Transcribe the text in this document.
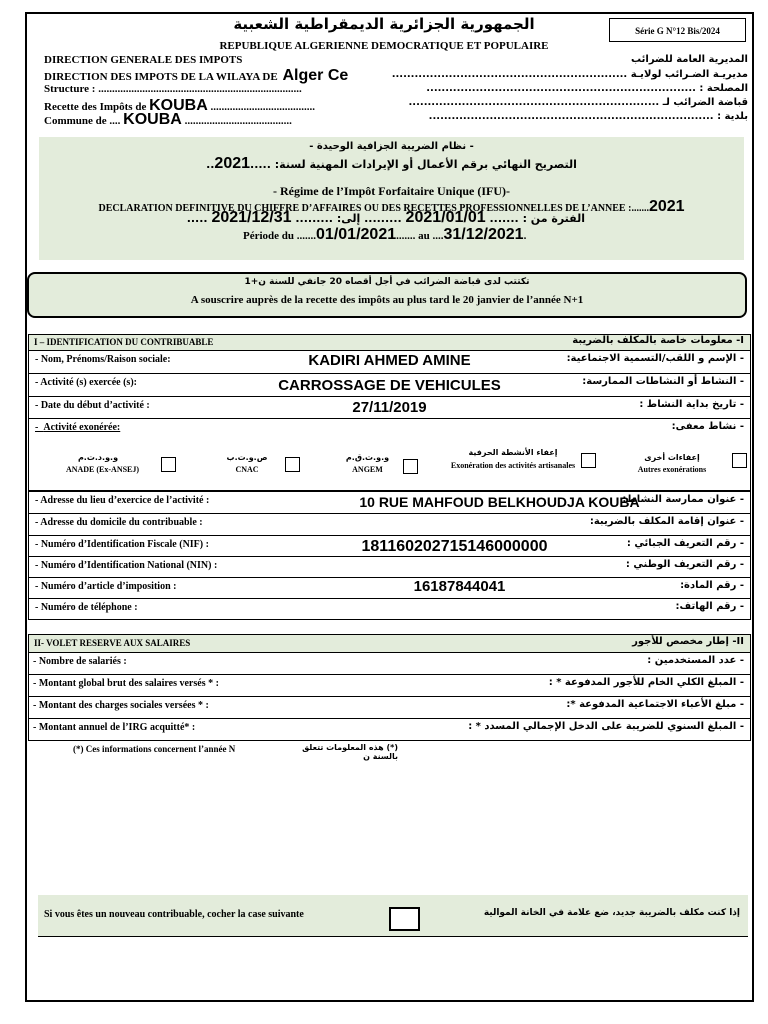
Série G N°12 Bis/2024
الجمهورية الجزائرية الديمقراطية الشعبية
REPUBLIQUE ALGERIENNE DEMOCRATIQUE ET POPULAIRE
DIRECTION GENERALE DES IMPOTS
DIRECTION DES IMPOTS DE LA WILAYA DE Alger Ce
Structure : ..........................................................................
Recette des Impôts de KOUBA ......................................
Commune de .... KOUBA .......................................
المديرية العامة للضرائب
مديريـة الضـرائب لولايـة ..............................................................
المصلحة : .......................................................................
قباضة الضرائب لـ ..................................................................
بلدية : ...........................................................................
- نظام الضريبة الجزافية الوحيدة -
التصريح النهائي برقم الأعمال أو الإيرادات المهنية لسنة: .....2021..
- Régime de l’Impôt Forfaitaire Unique (IFU)-
DECLARATION DEFINITIVE DU CHIFFRE D’AFFAIRES OU DES RECETTES PROFESSIONNELLES DE L’ANNEE :.......2021
الفترة من : ....... 2021/01/01 ......... إلى: ......... 2021/12/31 .....
Période du .......01/01/2021....... au ....31/12/2021.
تكتتب لدى قباضة الضرائب في أجل أقصاه 20 جانفي للسنة ن+1
A souscrire auprès de la recette des impôts au plus tard le 20 janvier de l’année N+1
I – IDENTIFICATION DU CONTRIBUABLE	I- معلومات خاصة بالمكلف بالضريبة
- Nom, Prénoms/Raison sociale:	KADIRI AHMED AMINE	- الإسم و اللقب/التسمية الاجتماعية:
- Activité (s) exercée (s):	CARROSSAGE DE VEHICULES	- النشاط أو النشاطات الممارسة:
- Date du début d’activité :	27/11/2019	- تاريخ بداية النشاط :
-  Activité exonérée:	- نشاط معفى:
و.و.د.ت.م
ANADE (Ex-ANSEJ)
ص.و.ت.ب
CNAC
و.و.ت.ق.م
ANGEM
إعفاء الأنشطة الحرفية
Exonération des activités artisanales
إعفاءات أخرى
Autres exonérations
- Adresse du lieu d’exercice de l’activité :	10 RUE MAHFOUD BELKHOUDJA KOUBA
- عنوان ممارسة النشاط:
- Adresse du domicile du contribuable :	- عنوان إقامة المكلف بالضريبة:
- Numéro d’Identification Fiscale (NIF) :	181160202715146000000	- رقم التعريف الجبائي :
- Numéro d’Identification National (NIN) :	- رقم التعريف الوطني :
- Numéro d’article d’imposition :	16187844041	- رقم المادة:
- Numéro de téléphone :	- رقم الهاتف:
II- VOLET RESERVE AUX SALAIRES	II- إطار مخصص للأجور
- Nombre de salariés :	- عدد المستخدمين :
- Montant global brut des salaires versés * :	- المبلغ الكلي الخام للأجور المدفوعة * :
- Montant des charges sociales versées * :	- مبلغ الأعباء الاجتماعية المدفوعة *:
- Montant annuel de l’IRG acquitté* :	- المبلغ السنوي للضريبة على الدخل الإجمالي المسدد * :
(*) Ces informations concernent l’année N	(*) هذه المعلومات تتعلق بالسنة ن
Si vous êtes un nouveau contribuable, cocher la case suivante	إذا كنت مكلف بالضريبة جديد، ضع علامة في الخانة الموالية
